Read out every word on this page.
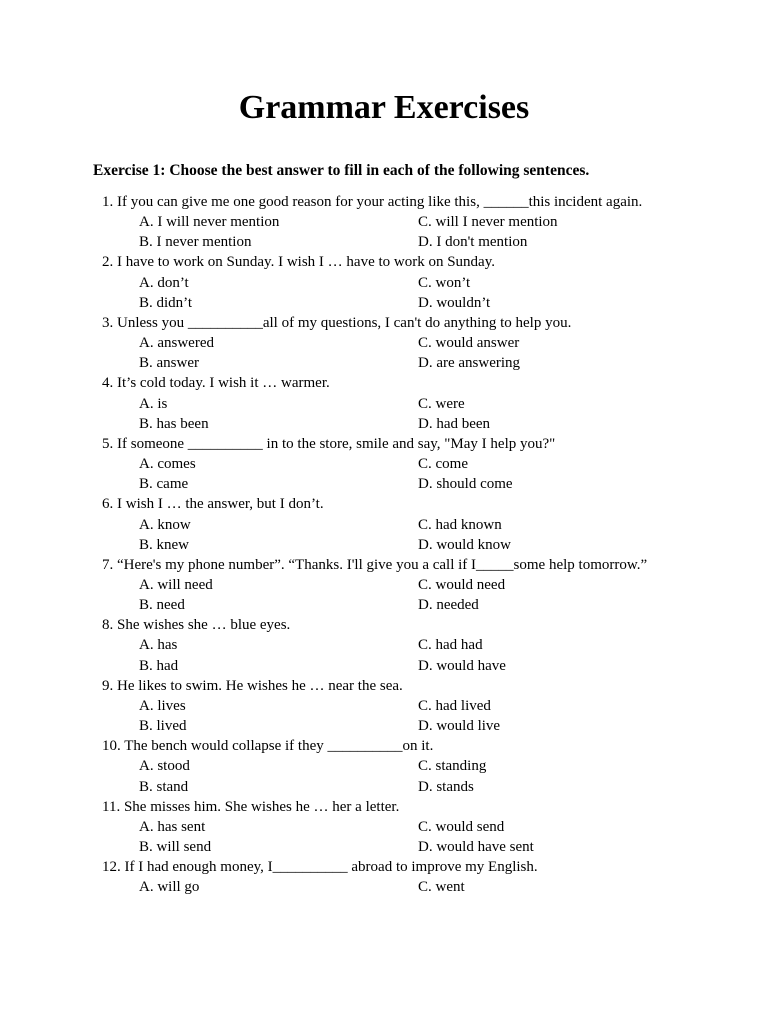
Grammar Exercises

Exercise 1: Choose the best answer to fill in each of the following sentences.

1. If you can give me one good reason for your acting like this, ______this incident again.
A. I will never mention	C. will I never mention
B. I never mention	D. I don't mention
2. I have to work on Sunday. I wish I … have to work on Sunday.
A. don’t	C. won’t
B. didn’t	D. wouldn’t
3. Unless you __________all of my questions, I can't do anything to help you.
A. answered	C. would answer
B. answer	D. are answering
4. It’s cold today. I wish it … warmer.
A. is	C. were
B. has been	D. had been
5. If someone __________ in to the store, smile and say, "May I help you?"
A. comes	C. come
B. came	D. should come
6. I wish I … the answer, but I don’t.
A. know	C. had known
B. knew	D. would know
7. “Here's my phone number”. “Thanks. I'll give you a call if I_____some help tomorrow.”
A. will need	C. would need
B. need	D. needed
8. She wishes she … blue eyes.
A. has	C. had had
B. had	D. would have
9. He likes to swim. He wishes he … near the sea.
A. lives	C. had lived
B. lived	D. would live
10. The bench would collapse if they __________on it.
A. stood	C. standing
B. stand	D. stands
11. She misses him. She wishes he … her a letter.
A. has sent	C. would send
B. will send	D. would have sent
12. If I had enough money, I__________ abroad to improve my English.
A. will go	C. went
